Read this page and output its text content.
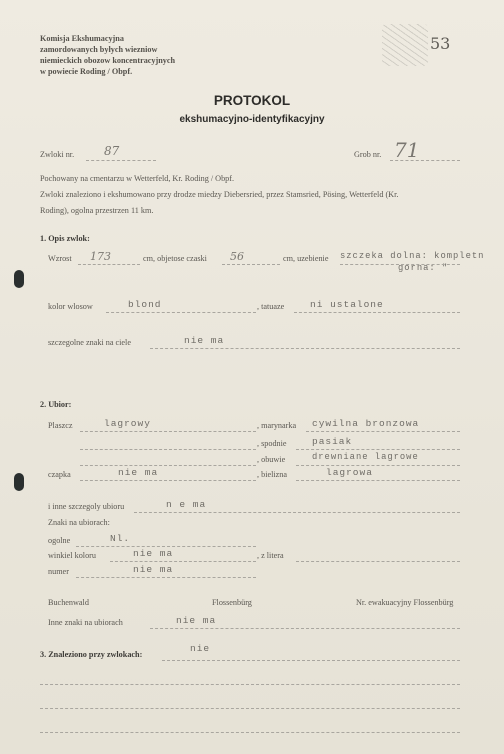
Komisja Ekshumacyjna
zamordowanych byłych wiezniow
niemieckich obozow koncentracyjnych
w powiecie Roding / Obpf.
53
PROTOKOL
ekshumacyjno-identyfikacyjny
Zwloki nr. 87	Grob nr. 71
Pochowany na cmentarzu w Wetterfeld, Kr. Roding / Obpf.
Zwloki znaleziono i ekshumowano przy drodze miedzy Diebersried, przez Stamsried, Pösing, Wetterfeld (Kr.
Roding), ogolna przestrzen 11 km.
1. Opis zwlok:
Wzrost 173	cm, objetose czaski 56	cm, uzebienie szczeka dolna: kompletn
gorna: "
kolor wlosow	blond	, tatuaze	ni ustalone
szczegolne znaki na ciele	nie ma
2. Ubior:
Plaszcz	lagrowy	, marynarka cywilna bronzowa
, spodnie	pasiak
, obuwie	drewniane lagrowe
czapka	nie ma	, bielizna	lagrowa
i inne szczegoly ubioru	n e ma
Znaki na ubiorach:
ogolne	Nl.
winkiel koloru	nie ma	, z litera
numer	nie ma
Buchenwald	Flossenbürg	Nr. ewakuacyjny Flossenbürg
Inne znaki na ubiorach	nie ma
3. Znaleziono przy zwlokach:
nie
